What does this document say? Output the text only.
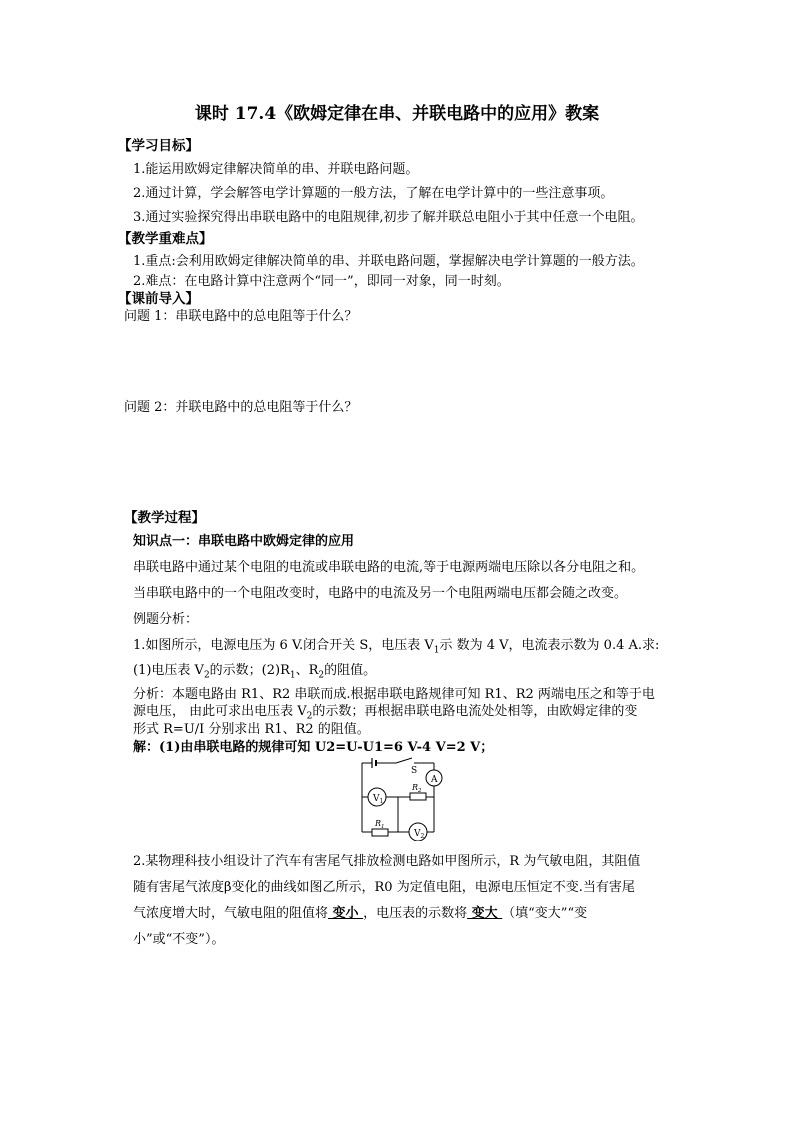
课时 17.4《欧姆定律在串、并联电路中的应用》教案
【学习目标】
1.能运用欧姆定律解决简单的串、并联电路问题。
2.通过计算，学会解答电学计算题的一般方法，了解在电学计算中的一些注意事项。
3.通过实验探究得出串联电路中的电阻规律,初步了解并联总电阻小于其中任意一个电阻。
【教学重难点】
1.重点:会利用欧姆定律解决简单的串、并联电路问题，掌握解决电学计算题的一般方法。
2.难点：在电路计算中注意两个“同一”，即同一对象，同一时刻。
【课前导入】
问题 1：串联电路中的总电阻等于什么？
问题 2：并联电路中的总电阻等于什么？
【教学过程】
知识点一：串联电路中欧姆定律的应用
串联电路中通过某个电阻的电流或串联电路的电流,等于电源两端电压除以各分电阻之和。
当串联电路中的一个电阻改变时，电路中的电流及另一个电阻两端电压都会随之改变。
例题分析：
1.如图所示，电源电压为 6 V.闭合开关 S，电压表 $V_1$示 数为 4 V，电流表示数为 0.4 A.求:
(1)电压表 $V_2$的示数；$(2)R_1$、$R_2$的阻值。
分析：本题电路由 R1、R2 串联而成.根据串联电路规律可知 R1、R2 两端电压之和等于电
源电压， 由此可求出电压表 $V_2$的示数；再根据串联电路电流处处相等，由欧姆定律的变
形式 R=U/I 分别求出 R1、R2 的阻值。
解：(1)由串联电路的规律可知 U2=U-U1=6 V-4 V=2 V；
S
A
$V_1$
$R_2$
$R_1$
$V_2$
2.某物理科技小组设计了汽车有害尾气排放检测电路如甲图所示，R 为气敏电阻，其阻值
随有害尾气浓度β变化的曲线如图乙所示，R0 为定值电阻，电源电压恒定不变.当有害尾
气浓度增大时，气敏电阻的阻值将 变小 ，电压表的示数将 变大 （填“变大”“变
小”或“不变”）。
